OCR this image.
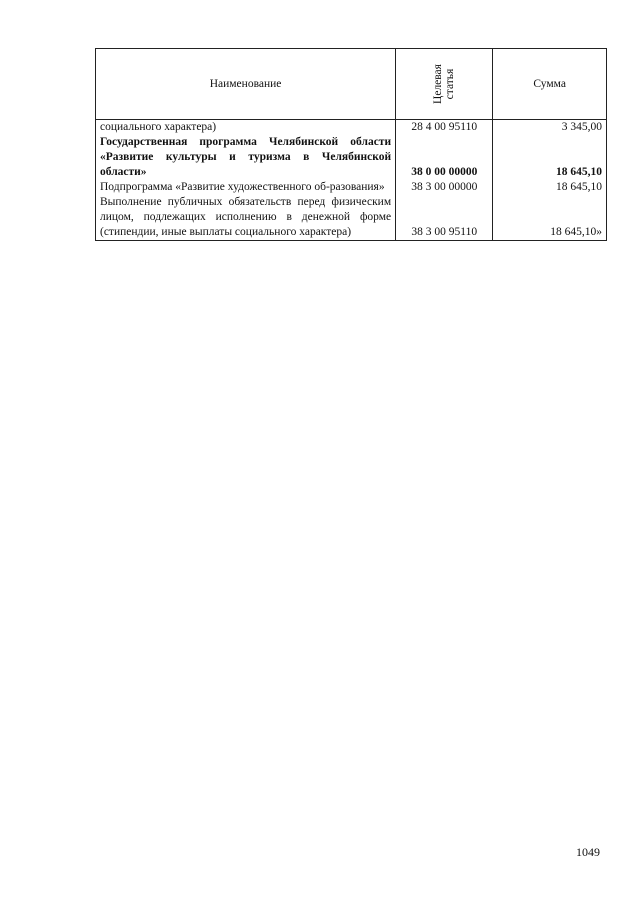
Наименование	Целевая статья	Сумма
социального характера)	28 4 00 95110	3 345,00
Государственная программа Челябинской области «Развитие культуры и туризма в Челябинской области»	38 0 00 00000	18 645,10
Подпрограмма «Развитие художественного об-разования»	38 3 00 00000	18 645,10
Выполнение публичных обязательств перед физическим лицом, подлежащих исполнению в денежной форме (стипендии, иные выплаты социального характера)	38 3 00 95110	18 645,10»
1049
